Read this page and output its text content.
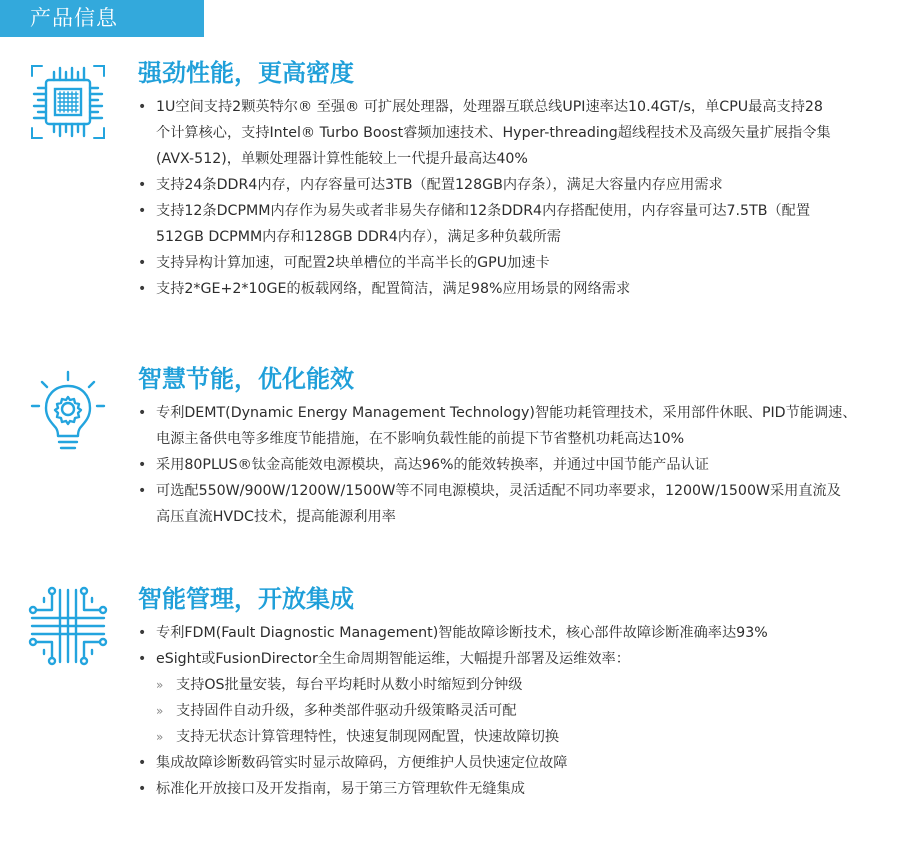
产品信息
强劲性能，更高密度
• 1U空间支持2颗英特尔® 至强® 可扩展处理器，处理器互联总线UPI速率达10.4GT/s，单CPU最高支持28
个计算核心，支持Intel® Turbo Boost睿频加速技术、Hyper-threading超线程技术及高级矢量扩展指令集
(AVX-512)，单颗处理器计算性能较上一代提升最高达40%
• 支持24条DDR4内存，内存容量可达3TB（配置128GB内存条），满足大容量内存应用需求
• 支持12条DCPMM内存作为易失或者非易失存储和12条DDR4内存搭配使用，内存容量可达7.5TB（配置
512GB DCPMM内存和128GB DDR4内存），满足多种负载所需
• 支持异构计算加速，可配置2块单槽位的半高半长的GPU加速卡
• 支持2*GE+2*10GE的板载网络，配置简洁，满足98%应用场景的网络需求
智慧节能，优化能效
• 专利DEMT(Dynamic Energy Management Technology)智能功耗管理技术，采用部件休眠、PID节能调速、
电源主备供电等多维度节能措施，在不影响负载性能的前提下节省整机功耗高达10%
• 采用80PLUS®钛金高能效电源模块，高达96%的能效转换率，并通过中国节能产品认证
• 可选配550W/900W/1200W/1500W等不同电源模块，灵活适配不同功率要求，1200W/1500W采用直流及
高压直流HVDC技术，提高能源利用率
智能管理，开放集成
• 专利FDM(Fault Diagnostic Management)智能故障诊断技术，核心部件故障诊断准确率达93%
• eSight或FusionDirector全生命周期智能运维，大幅提升部署及运维效率：
» 支持OS批量安装，每台平均耗时从数小时缩短到分钟级
» 支持固件自动升级，多种类部件驱动升级策略灵活可配
» 支持无状态计算管理特性，快速复制现网配置，快速故障切换
• 集成故障诊断数码管实时显示故障码，方便维护人员快速定位故障
• 标准化开放接口及开发指南，易于第三方管理软件无缝集成
